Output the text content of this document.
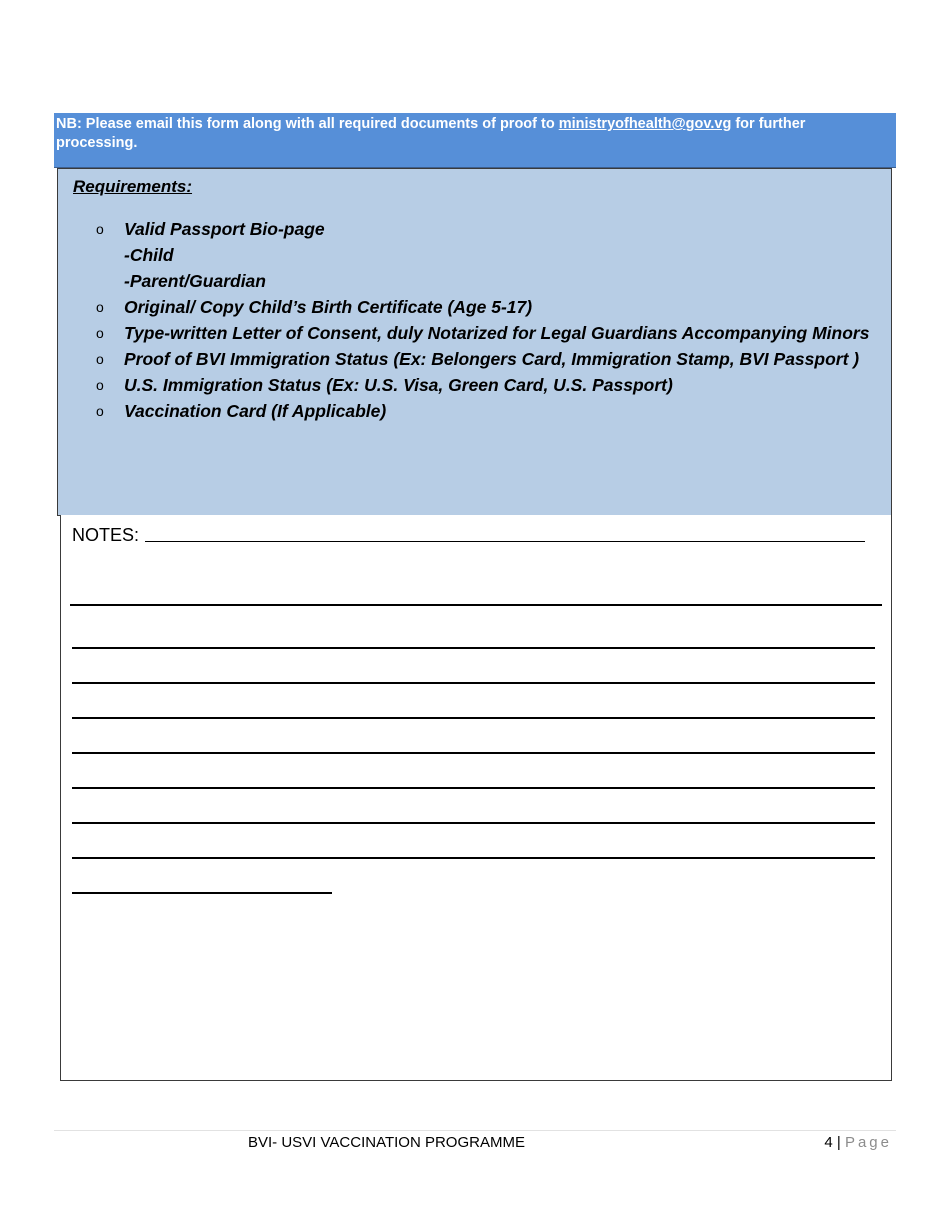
NB: Please email this form along with all required documents of proof to ministryofhealth@gov.vg for further processing.
Requirements:
o Valid Passport Bio-page
-Child
-Parent/Guardian
o Original/ Copy Child’s Birth Certificate (Age 5-17)
o Type-written Letter of Consent, duly Notarized for Legal Guardians Accompanying Minors
o Proof of BVI Immigration Status (Ex: Belongers Card, Immigration Stamp, BVI Passport )
o U.S. Immigration Status (Ex: U.S. Visa, Green Card, U.S. Passport)
o Vaccination Card (If Applicable)
NOTES:
BVI- USVI VACCINATION PROGRAMME	4 | Page
